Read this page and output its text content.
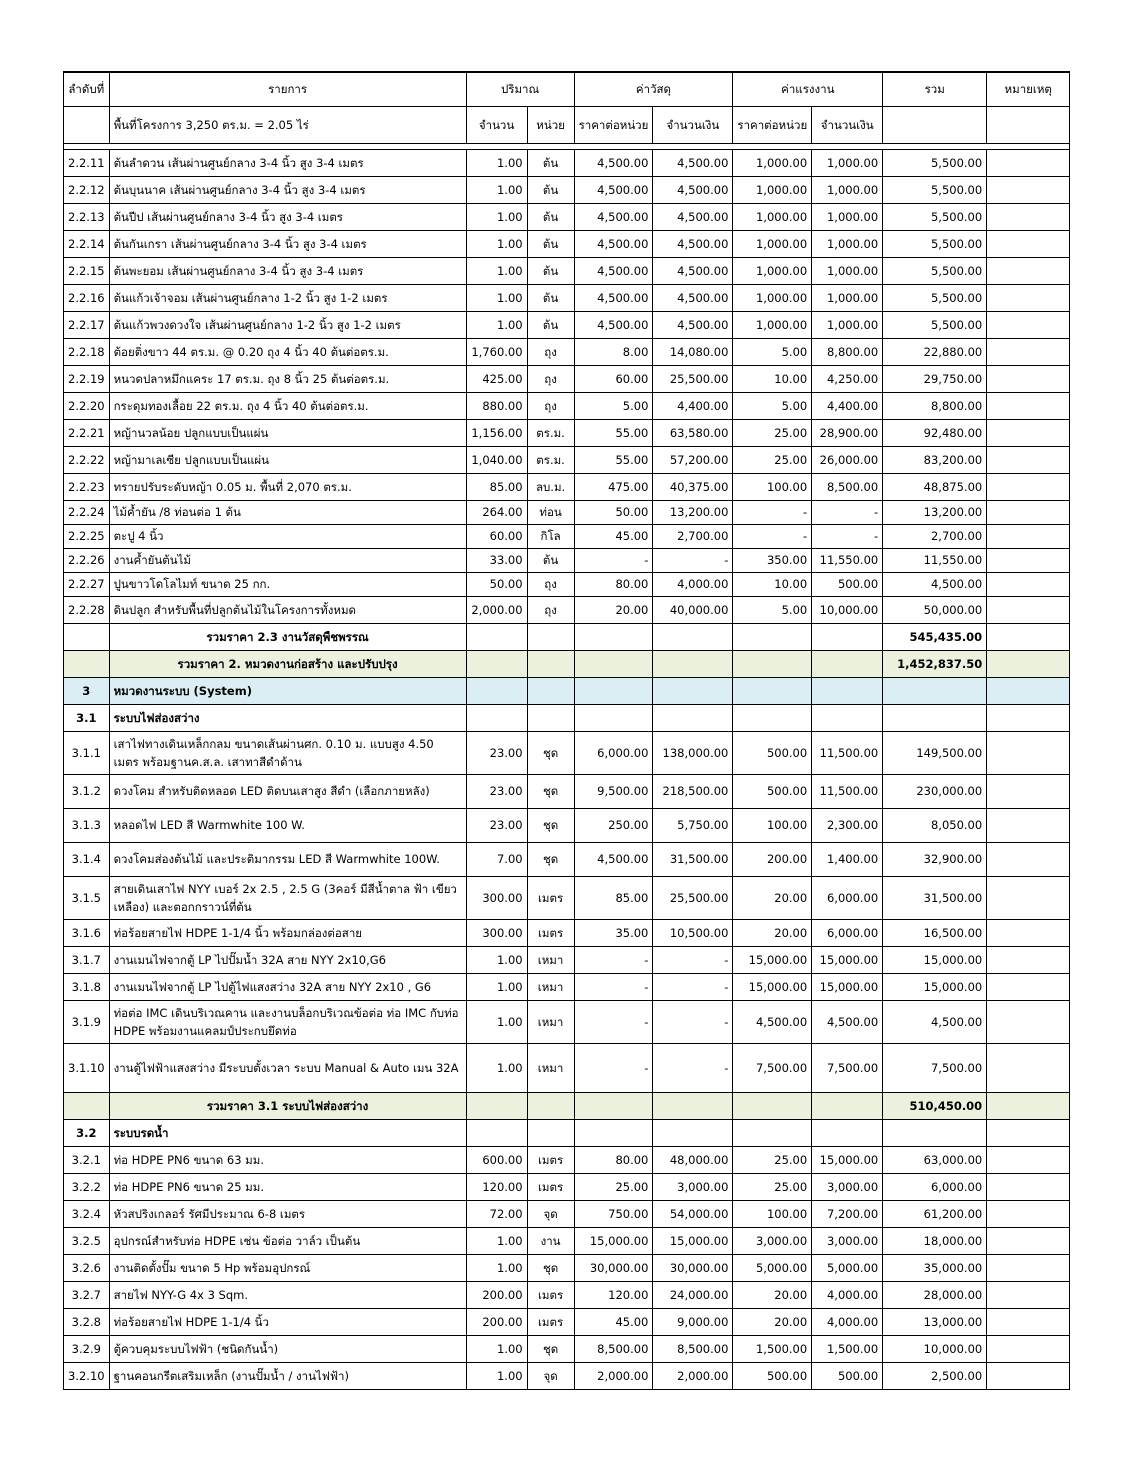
ลำดับที่	รายการ	ปริมาณ		ค่าวัสดุ		ค่าแรงงาน		รวม	หมายเหตุ
	พื้นที่โครงการ 3,250 ตร.ม. = 2.05 ไร่	จำนวน	หน่วย	ราคาต่อหน่วย	จำนวนเงิน	ราคาต่อหน่วย	จำนวนเงิน		

2.2.11	ต้นลำดวน เส้นผ่านศูนย์กลาง 3-4 นิ้ว สูง 3-4 เมตร	1.00	ต้น	4,500.00	4,500.00	1,000.00	1,000.00	5,500.00	
2.2.12	ต้นบุนนาค เส้นผ่านศูนย์กลาง 3-4 นิ้ว สูง 3-4 เมตร	1.00	ต้น	4,500.00	4,500.00	1,000.00	1,000.00	5,500.00	
2.2.13	ต้นปีป เส้นผ่านศูนย์กลาง 3-4 นิ้ว สูง 3-4 เมตร	1.00	ต้น	4,500.00	4,500.00	1,000.00	1,000.00	5,500.00	
2.2.14	ต้นกันเกรา เส้นผ่านศูนย์กลาง 3-4 นิ้ว สูง 3-4 เมตร	1.00	ต้น	4,500.00	4,500.00	1,000.00	1,000.00	5,500.00	
2.2.15	ต้นพะยอม เส้นผ่านศูนย์กลาง 3-4 นิ้ว สูง 3-4 เมตร	1.00	ต้น	4,500.00	4,500.00	1,000.00	1,000.00	5,500.00	
2.2.16	ต้นแก้วเจ้าจอม เส้นผ่านศูนย์กลาง 1-2 นิ้ว สูง 1-2 เมตร	1.00	ต้น	4,500.00	4,500.00	1,000.00	1,000.00	5,500.00	
2.2.17	ต้นแก้วพวงดวงใจ เส้นผ่านศูนย์กลาง 1-2 นิ้ว สูง 1-2 เมตร	1.00	ต้น	4,500.00	4,500.00	1,000.00	1,000.00	5,500.00	
2.2.18	ต้อยติ่งขาว 44 ตร.ม. @ 0.20 ถุง 4 นิ้ว 40 ต้นต่อตร.ม.	1,760.00	ถุง	8.00	14,080.00	5.00	8,800.00	22,880.00	
2.2.19	หนวดปลาหมึกแคระ 17 ตร.ม. ถุง 8 นิ้ว 25 ต้นต่อตร.ม.	425.00	ถุง	60.00	25,500.00	10.00	4,250.00	29,750.00	
2.2.20	กระดุมทองเลื้อย 22 ตร.ม. ถุง 4 นิ้ว 40 ต้นต่อตร.ม.	880.00	ถุง	5.00	4,400.00	5.00	4,400.00	8,800.00	
2.2.21	หญ้านวลน้อย ปลูกแบบเป็นแผ่น	1,156.00	ตร.ม.	55.00	63,580.00	25.00	28,900.00	92,480.00	
2.2.22	หญ้ามาเลเซีย ปลูกแบบเป็นแผ่น	1,040.00	ตร.ม.	55.00	57,200.00	25.00	26,000.00	83,200.00	
2.2.23	ทรายปรับระดับหญ้า 0.05 ม. พื้นที่ 2,070 ตร.ม.	85.00	ลบ.ม.	475.00	40,375.00	100.00	8,500.00	48,875.00	
2.2.24	ไม้ค้ำยัน /8 ท่อนต่อ 1 ต้น	264.00	ท่อน	50.00	13,200.00	-	-	13,200.00	
2.2.25	ตะปู 4 นิ้ว	60.00	กิโล	45.00	2,700.00	-	-	2,700.00	
2.2.26	งานค้ำยันต้นไม้	33.00	ต้น	-	-	350.00	11,550.00	11,550.00	
2.2.27	ปูนขาวโดโลไมท์ ขนาด 25 กก.	50.00	ถุง	80.00	4,000.00	10.00	500.00	4,500.00	
2.2.28	ดินปลูก สำหรับพื้นที่ปลูกต้นไม้ในโครงการทั้งหมด	2,000.00	ถุง	20.00	40,000.00	5.00	10,000.00	50,000.00	
	รวมราคา 2.3 งานวัสดุพืชพรรณ							545,435.00	
	รวมราคา 2. หมวดงานก่อสร้าง และปรับปรุง							1,452,837.50	
3	หมวดงานระบบ (System)								
3.1	ระบบไฟส่องสว่าง								
3.1.1	เสาไฟทางเดินเหล็กกลม ขนาดเส้นผ่านศก. 0.10 ม. แบบสูง 4.50 เมตร พร้อมฐานค.ส.ล. เสาทาสีดำด้าน	23.00	ชุด	6,000.00	138,000.00	500.00	11,500.00	149,500.00	
3.1.2	ดวงโคม สำหรับติดหลอด LED ติดบนเสาสูง สีดำ (เลือกภายหลัง)	23.00	ชุด	9,500.00	218,500.00	500.00	11,500.00	230,000.00	
3.1.3	หลอดไฟ LED สี Warmwhite 100 W.	23.00	ชุด	250.00	5,750.00	100.00	2,300.00	8,050.00	
3.1.4	ดวงโคมส่องต้นไม้ และประติมากรรม LED สี Warmwhite 100W.	7.00	ชุด	4,500.00	31,500.00	200.00	1,400.00	32,900.00	
3.1.5	สายเดินเสาไฟ NYY เบอร์ 2x 2.5 , 2.5 G (3คอร์ มีสีน้ำตาล ฟ้า เขียว เหลือง) และตอกกราวน์ที่ต้น	300.00	เมตร	85.00	25,500.00	20.00	6,000.00	31,500.00	
3.1.6	ท่อร้อยสายไฟ HDPE 1-1/4 นิ้ว พร้อมกล่องต่อสาย	300.00	เมตร	35.00	10,500.00	20.00	6,000.00	16,500.00	
3.1.7	งานเมนไฟจากตู้ LP ไปปั๊มน้ำ 32A สาย NYY 2x10,G6	1.00	เหมา	-	-	15,000.00	15,000.00	15,000.00	
3.1.8	งานเมนไฟจากตู้ LP ไปตู้ไฟแสงสว่าง 32A สาย NYY 2x10 , G6	1.00	เหมา	-	-	15,000.00	15,000.00	15,000.00	
3.1.9	ท่อต่อ IMC เดินบริเวณคาน และงานบล็อกบริเวณข้อต่อ ท่อ IMC กับท่อ HDPE พร้อมงานแคลมป์ประกบยึดท่อ	1.00	เหมา	-	-	4,500.00	4,500.00	4,500.00	
3.1.10	งานตู้ไฟฟ้าแสงสว่าง มีระบบตั้งเวลา ระบบ Manual & Auto เมน 32A	1.00	เหมา	-	-	7,500.00	7,500.00	7,500.00	
	รวมราคา 3.1 ระบบไฟส่องสว่าง							510,450.00	
3.2	ระบบรดน้ำ								
3.2.1	ท่อ HDPE PN6 ขนาด 63 มม.	600.00	เมตร	80.00	48,000.00	25.00	15,000.00	63,000.00	
3.2.2	ท่อ HDPE PN6 ขนาด 25 มม.	120.00	เมตร	25.00	3,000.00	25.00	3,000.00	6,000.00	
3.2.4	หัวสปริงเกลอร์ รัศมีประมาณ 6-8 เมตร	72.00	จุด	750.00	54,000.00	100.00	7,200.00	61,200.00	
3.2.5	อุปกรณ์สำหรับท่อ HDPE เช่น ข้อต่อ วาล์ว เป็นต้น	1.00	งาน	15,000.00	15,000.00	3,000.00	3,000.00	18,000.00	
3.2.6	งานติดตั้งปั๊ม ขนาด 5 Hp พร้อมอุปกรณ์	1.00	ชุด	30,000.00	30,000.00	5,000.00	5,000.00	35,000.00	
3.2.7	สายไฟ NYY-G 4x 3 Sqm.	200.00	เมตร	120.00	24,000.00	20.00	4,000.00	28,000.00	
3.2.8	ท่อร้อยสายไฟ HDPE 1-1/4 นิ้ว	200.00	เมตร	45.00	9,000.00	20.00	4,000.00	13,000.00	
3.2.9	ตู้ควบคุมระบบไฟฟ้า (ชนิดกันน้ำ)	1.00	ชุด	8,500.00	8,500.00	1,500.00	1,500.00	10,000.00	
3.2.10	ฐานคอนกรีตเสริมเหล็ก (งานปั๊มน้ำ / งานไฟฟ้า)	1.00	จุด	2,000.00	2,000.00	500.00	500.00	2,500.00	
